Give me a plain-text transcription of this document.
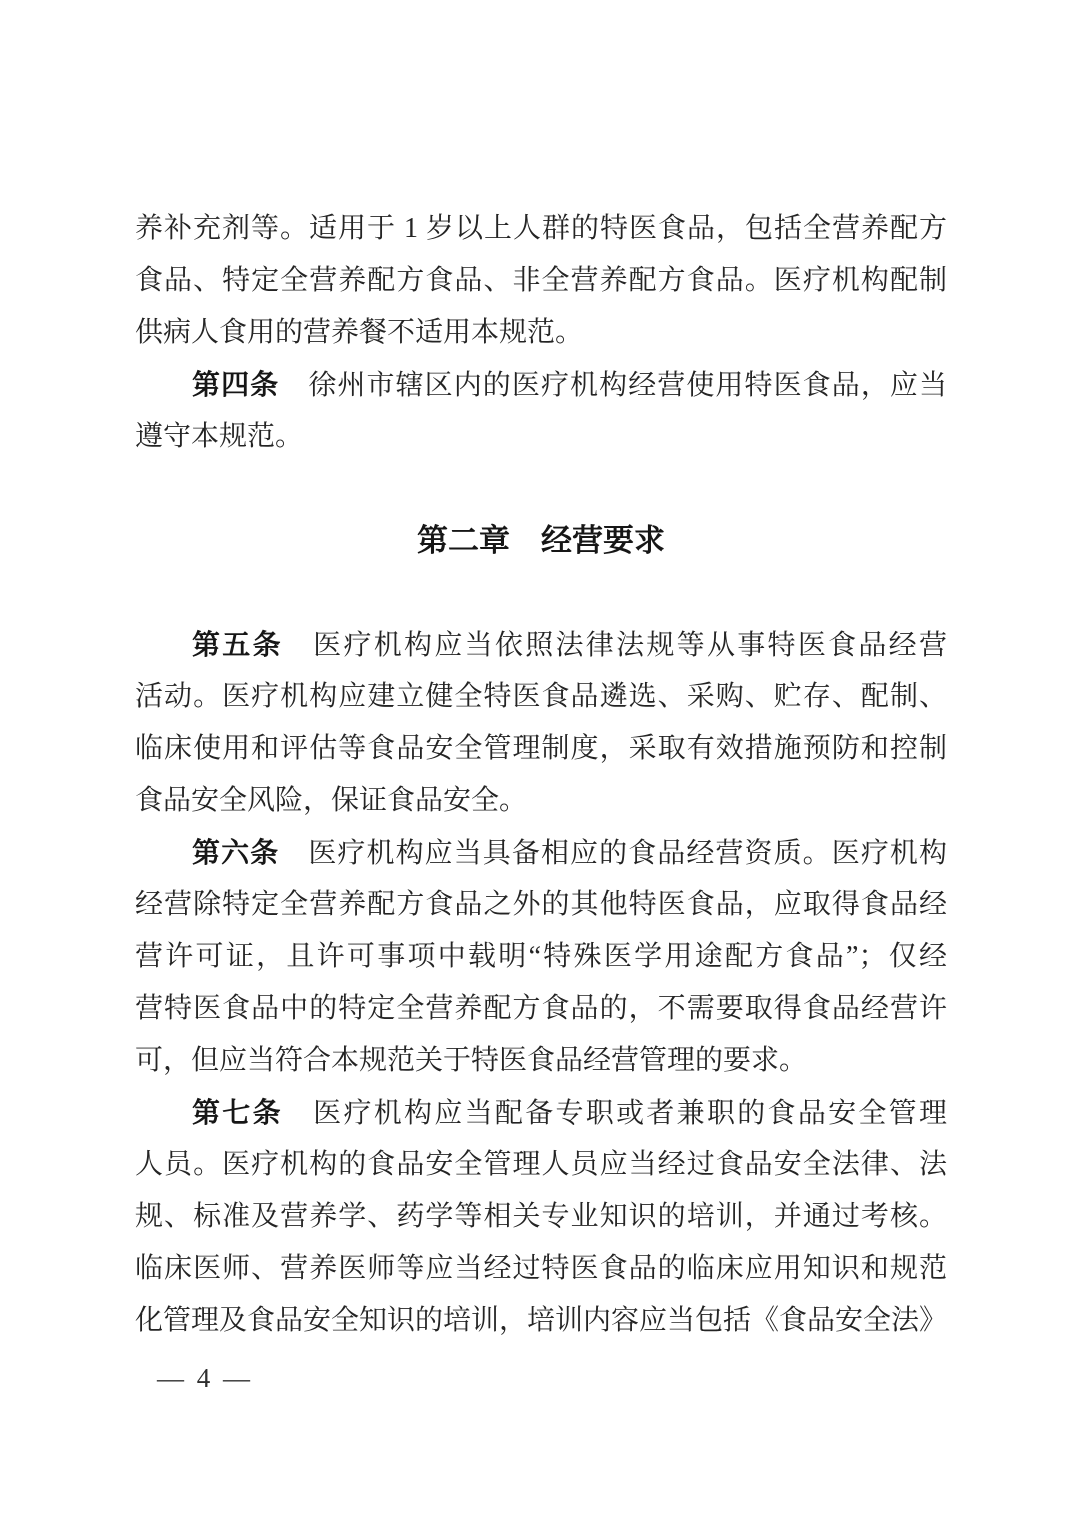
养补充剂等。适用于 1 岁以上人群的特医食品，包括全营养配方
食品、特定全营养配方食品、非全营养配方食品。医疗机构配制
供病人食用的营养餐不适用本规范。
第四条　徐州市辖区内的医疗机构经营使用特医食品，应当
遵守本规范。
第二章　经营要求
第五条　医疗机构应当依照法律法规等从事特医食品经营
活动。医疗机构应建立健全特医食品遴选、采购、贮存、配制、
临床使用和评估等食品安全管理制度，采取有效措施预防和控制
食品安全风险，保证食品安全。
第六条　医疗机构应当具备相应的食品经营资质。医疗机构
经营除特定全营养配方食品之外的其他特医食品，应取得食品经
营许可证，且许可事项中载明“特殊医学用途配方食品”；仅经
营特医食品中的特定全营养配方食品的，不需要取得食品经营许
可，但应当符合本规范关于特医食品经营管理的要求。
第七条　医疗机构应当配备专职或者兼职的食品安全管理
人员。医疗机构的食品安全管理人员应当经过食品安全法律、法
规、标准及营养学、药学等相关专业知识的培训，并通过考核。
临床医师、营养医师等应当经过特医食品的临床应用知识和规范
化管理及食品安全知识的培训，培训内容应当包括《食品安全法》
— 4 —
